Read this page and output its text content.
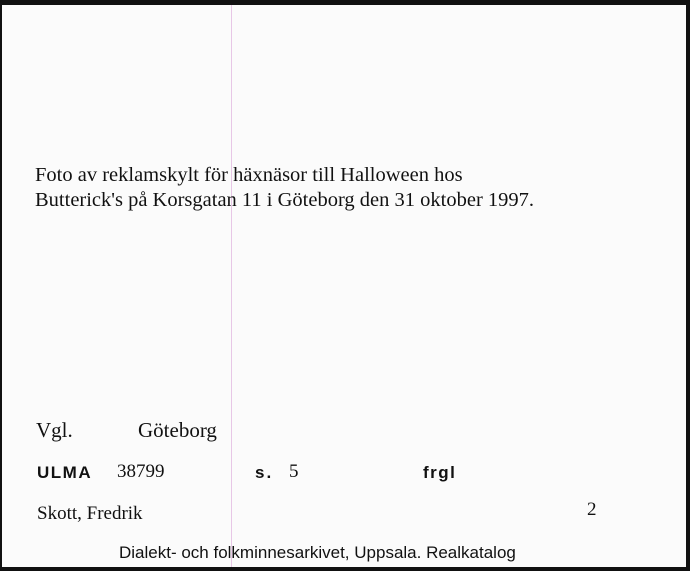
Foto av reklamskylt för häxnäsor till Halloween hos
Butterick's på Korsgatan 11 i Göteborg den 31 oktober 1997.
Vgl.	Göteborg
ULMA 38799	s. 5	frgl
Skott, Fredrik	2
Dialekt- och folkminnesarkivet, Uppsala. Realkatalog
